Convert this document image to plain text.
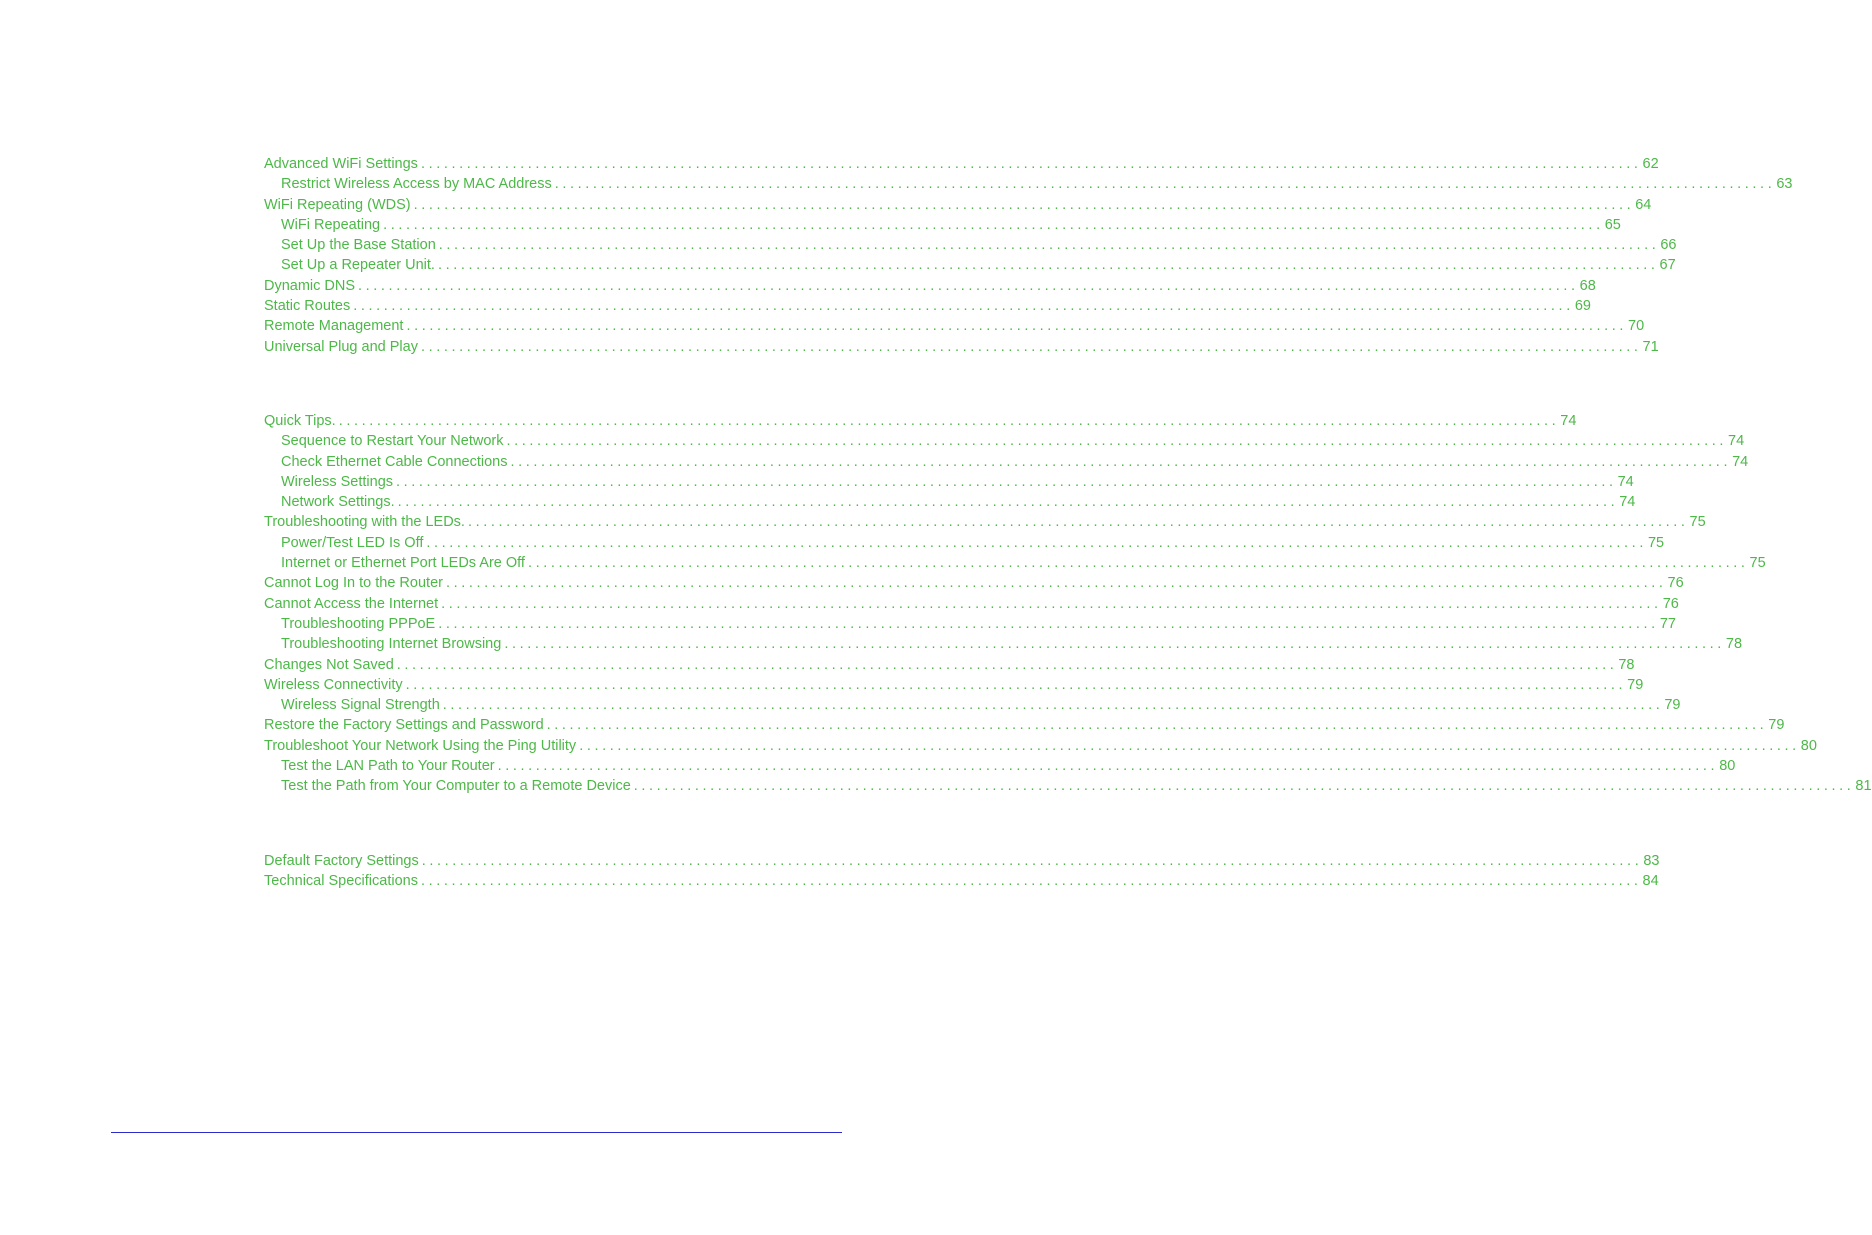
Advanced WiFi Settings ................................................................................................................................................................ 62
Restrict Wireless Access by MAC Address ................................................................................................................................................................ 63
WiFi Repeating (WDS) ................................................................................................................................................................ 64
WiFi Repeating ................................................................................................................................................................ 65
Set Up the Base Station ................................................................................................................................................................ 66
Set Up a Repeater Unit. ................................................................................................................................................................ 67
Dynamic DNS ................................................................................................................................................................ 68
Static Routes ................................................................................................................................................................ 69
Remote Management ................................................................................................................................................................ 70
Universal Plug and Play ................................................................................................................................................................ 71
Quick Tips. ................................................................................................................................................................ 74
Sequence to Restart Your Network ................................................................................................................................................................ 74
Check Ethernet Cable Connections ................................................................................................................................................................ 74
Wireless Settings ................................................................................................................................................................ 74
Network Settings. ................................................................................................................................................................ 74
Troubleshooting with the LEDs. ................................................................................................................................................................ 75
Power/Test LED Is Off ................................................................................................................................................................ 75
Internet or Ethernet Port LEDs Are Off ................................................................................................................................................................ 75
Cannot Log In to the Router ................................................................................................................................................................ 76
Cannot Access the Internet ................................................................................................................................................................ 76
Troubleshooting PPPoE ................................................................................................................................................................ 77
Troubleshooting Internet Browsing ................................................................................................................................................................ 78
Changes Not Saved ................................................................................................................................................................ 78
Wireless Connectivity ................................................................................................................................................................ 79
Wireless Signal Strength ................................................................................................................................................................ 79
Restore the Factory Settings and Password ................................................................................................................................................................ 79
Troubleshoot Your Network Using the Ping Utility ................................................................................................................................................................ 80
Test the LAN Path to Your Router ................................................................................................................................................................ 80
Test the Path from Your Computer to a Remote Device ................................................................................................................................................................ 81
Default Factory Settings ................................................................................................................................................................ 83
Technical Specifications ................................................................................................................................................................ 84
